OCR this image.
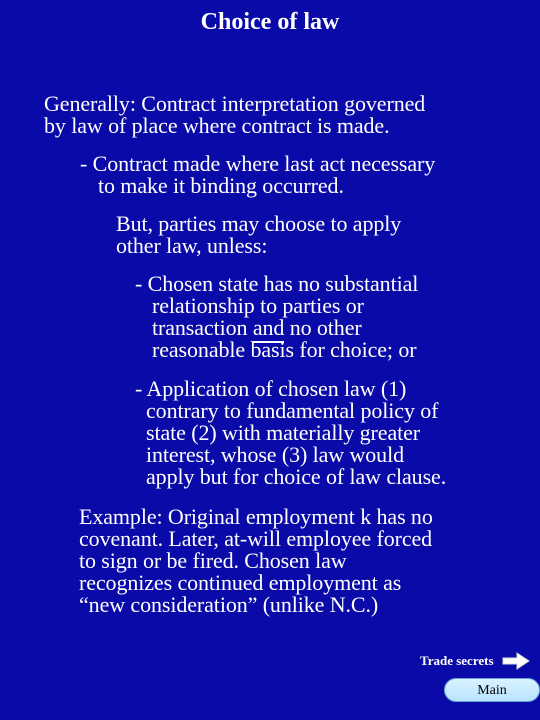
Choice of law
Generally: Contract interpretation governed
by law of place where contract is made.
- Contract made where last act necessary
to make it binding occurred.
But, parties may choose to apply
other law, unless:
- Chosen state has no substantial
relationship to parties or
transaction and no other
reasonable basis for choice; or
- Application of chosen law (1)
contrary to fundamental policy of
state (2) with materially greater
interest, whose (3) law would
apply but for choice of law clause.
Example: Original employment k has no
covenant. Later, at-will employee forced
to sign or be fired. Chosen law
recognizes continued employment as
“new consideration” (unlike N.C.)
Trade secrets
Main
